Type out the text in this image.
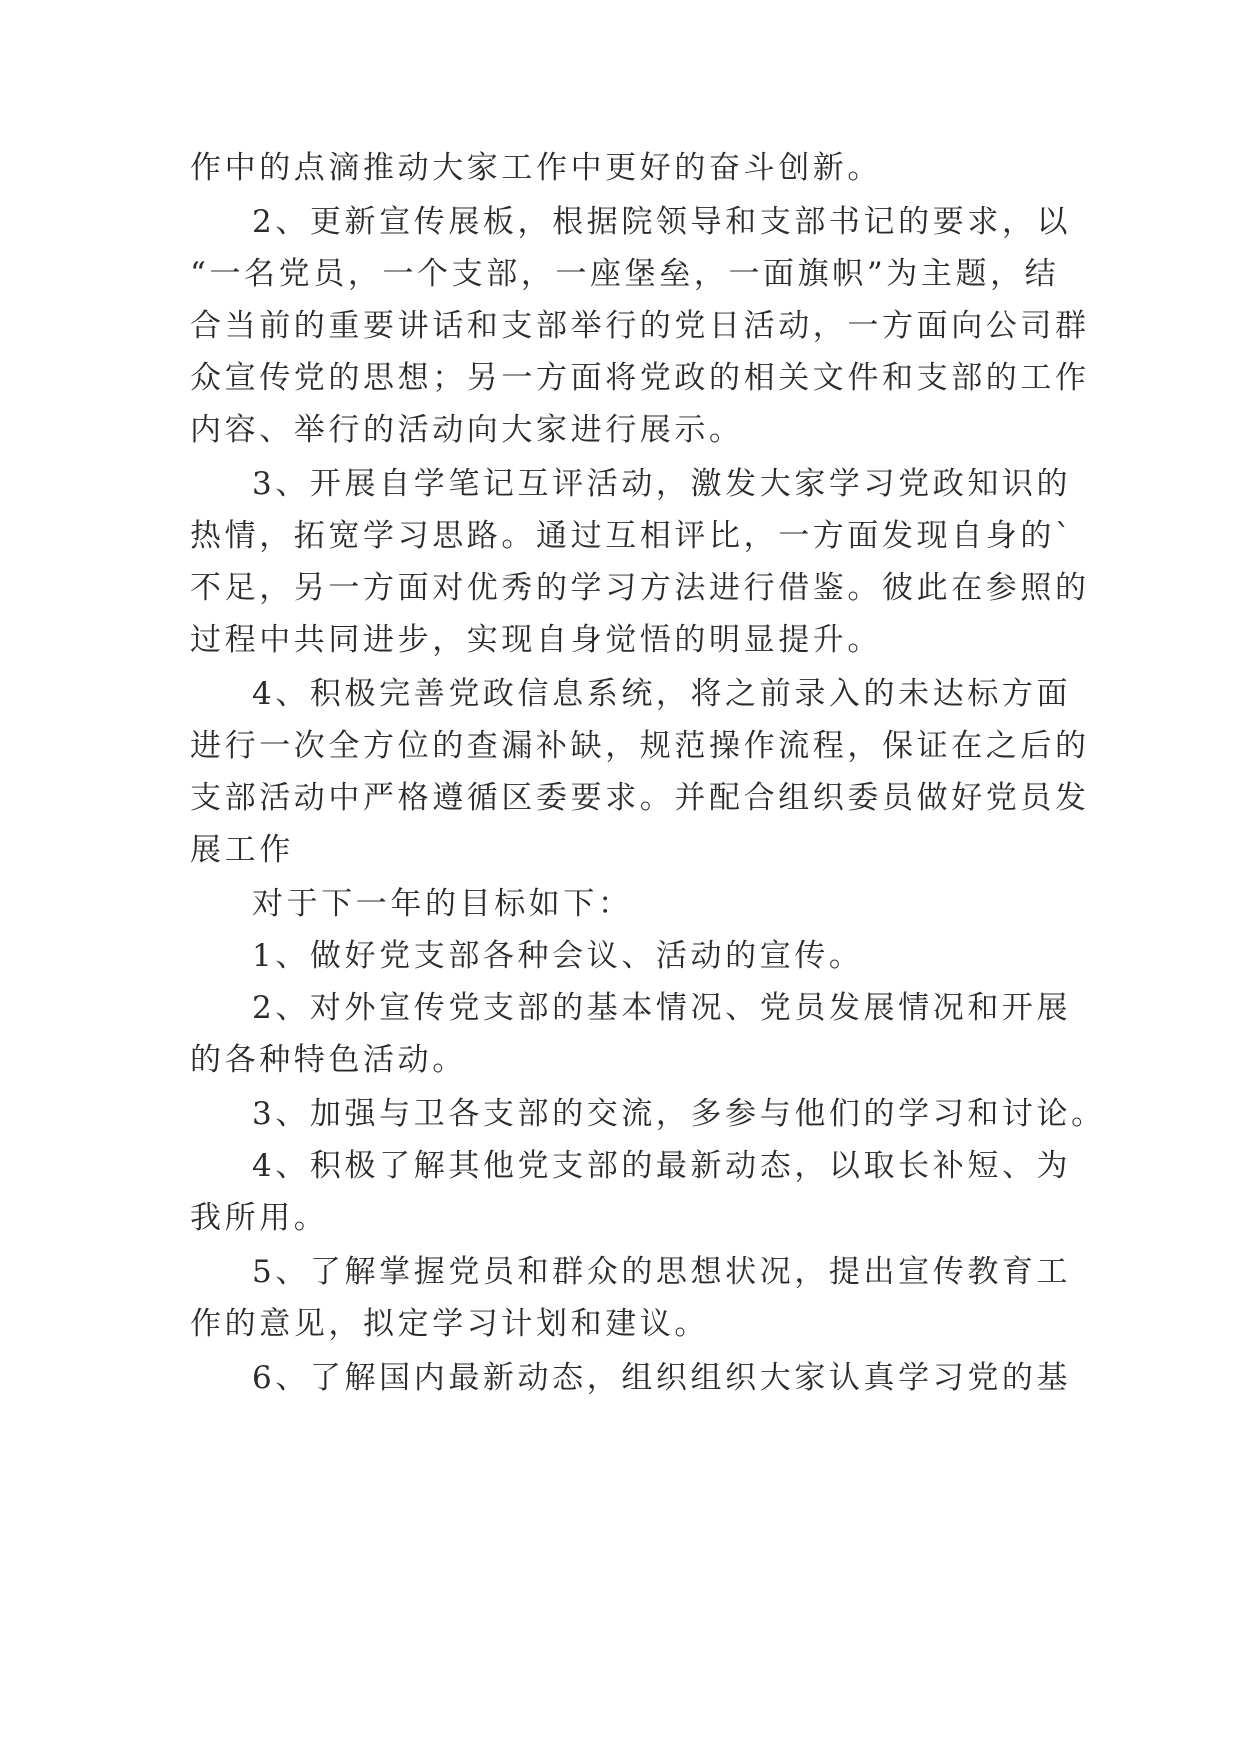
作中的点滴推动大家工作中更好的奋斗创新。
2、更新宣传展板，根据院领导和支部书记的要求，以
“一名党员，一个支部，一座堡垒，一面旗帜”为主题，结
合当前的重要讲话和支部举行的党日活动，一方面向公司群
众宣传党的思想；另一方面将党政的相关文件和支部的工作
内容、举行的活动向大家进行展示。
3、开展自学笔记互评活动，激发大家学习党政知识的
热情，拓宽学习思路。通过互相评比，一方面发现自身的`
不足，另一方面对优秀的学习方法进行借鉴。彼此在参照的
过程中共同进步，实现自身觉悟的明显提升。
4、积极完善党政信息系统，将之前录入的未达标方面
进行一次全方位的查漏补缺，规范操作流程，保证在之后的
支部活动中严格遵循区委要求。并配合组织委员做好党员发
展工作
对于下一年的目标如下：
1、做好党支部各种会议、活动的宣传。
2、对外宣传党支部的基本情况、党员发展情况和开展
的各种特色活动。
3、加强与卫各支部的交流，多参与他们的学习和讨论。
4、积极了解其他党支部的最新动态，以取长补短、为
我所用。
5、了解掌握党员和群众的思想状况，提出宣传教育工
作的意见，拟定学习计划和建议。
6、了解国内最新动态，组织组织大家认真学习党的基
